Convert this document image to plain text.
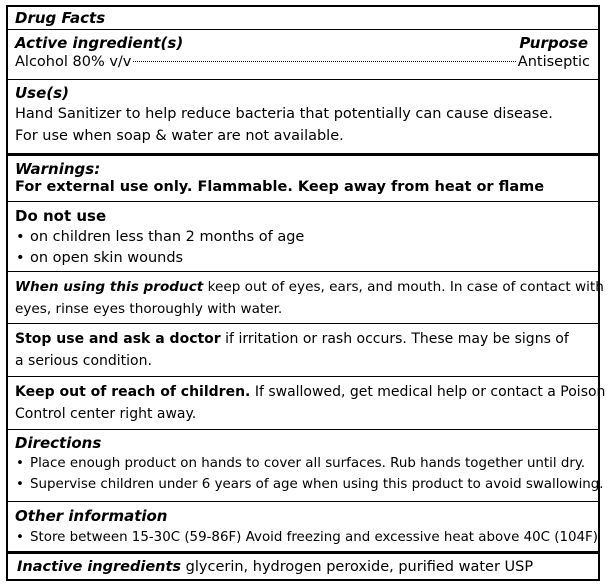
Drug Facts
Active ingredient(s)	Purpose
Alcohol 80% v/v	Antiseptic
Use(s)
Hand Sanitizer to help reduce bacteria that potentially can cause disease.
For use when soap & water are not available.
Warnings:
For external use only. Flammable. Keep away from heat or flame
Do not use
• on children less than 2 months of age
• on open skin wounds
When using this product keep out of eyes, ears, and mouth. In case of contact with
eyes, rinse eyes thoroughly with water.
Stop use and ask a doctor if irritation or rash occurs. These may be signs of
a serious condition.
Keep out of reach of children. If swallowed, get medical help or contact a Poison
Control center right away.
Directions
• Place enough product on hands to cover all surfaces. Rub hands together until dry.
• Supervise children under 6 years of age when using this product to avoid swallowing.
Other information
• Store between 15-30C (59-86F) Avoid freezing and excessive heat above 40C (104F)
Inactive ingredients glycerin, hydrogen peroxide, purified water USP
